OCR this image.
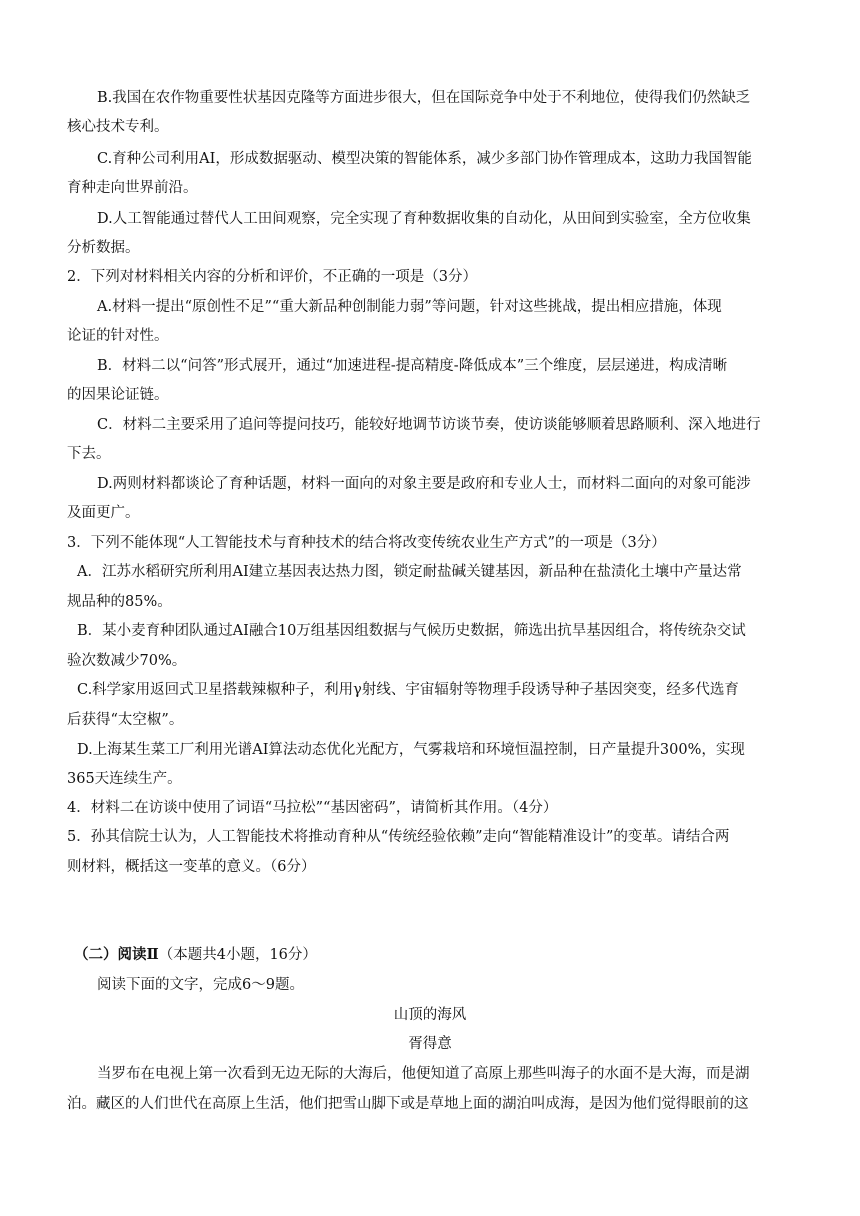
B.我国在农作物重要性状基因克隆等方面进步很大，但在国际竞争中处于不利地位，使得我们仍然缺乏
核心技术专利。
C.育种公司利用AI，形成数据驱动、模型决策的智能体系，减少多部门协作管理成本，这助力我国智能
育种走向世界前沿。
D.人工智能通过替代人工田间观察，完全实现了育种数据收集的自动化，从田间到实验室，全方位收集
分析数据。
2．下列对材料相关内容的分析和评价，不正确的一项是（3分）
A.材料一提出“原创性不足”“重大新品种创制能力弱”等问题，针对这些挑战，提出相应措施，体现
论证的针对性。
B．材料二以“问答”形式展开，通过“加速进程-提高精度-降低成本”三个维度，层层递进，构成清晰
的因果论证链。
C．材料二主要采用了追问等提问技巧，能较好地调节访谈节奏，使访谈能够顺着思路顺利、深入地进行
下去。
D.两则材料都谈论了育种话题，材料一面向的对象主要是政府和专业人士，而材料二面向的对象可能涉
及面更广。
3．下列不能体现“人工智能技术与育种技术的结合将改变传统农业生产方式”的一项是（3分）
A．江苏水稻研究所利用AI建立基因表达热力图，锁定耐盐碱关键基因，新品种在盐渍化土壤中产量达常
规品种的85%。
B．某小麦育种团队通过AI融合10万组基因组数据与气候历史数据，筛选出抗旱基因组合，将传统杂交试
验次数减少70%。
C.科学家用返回式卫星搭载辣椒种子，利用γ射线、宇宙辐射等物理手段诱导种子基因突变，经多代选育
后获得“太空椒”。
D.上海某生菜工厂利用光谱AI算法动态优化光配方，气雾栽培和环境恒温控制，日产量提升300%，实现
365天连续生产。
4．材料二在访谈中使用了词语“马拉松”“基因密码”，请简析其作用。（4分）
5．孙其信院士认为，人工智能技术将推动育种从“传统经验依赖”走向“智能精准设计”的变革。请结合两
则材料，概括这一变革的意义。（6分）
（二）阅读Ⅱ（本题共4小题，16分）
阅读下面的文字，完成6～9题。
山顶的海风
胥得意
当罗布在电视上第一次看到无边无际的大海后，他便知道了高原上那些叫海子的水面不是大海，而是湖
泊。藏区的人们世代在高原上生活，他们把雪山脚下或是草地上面的湖泊叫成海，是因为他们觉得眼前的这
